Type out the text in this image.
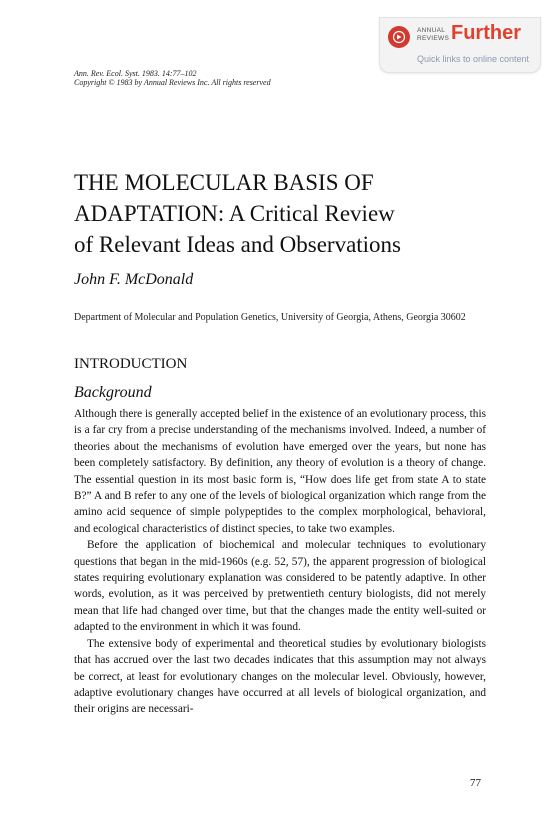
ANNUAL
REVIEWS Further
Quick links to online content
Ann. Rev. Ecol. Syst. 1983. 14:77–102
Copyright © 1983 by Annual Reviews Inc. All rights reserved
THE MOLECULAR BASIS OF
ADAPTATION: A Critical Review
of Relevant Ideas and Observations
John F. McDonald
Department of Molecular and Population Genetics, University of Georgia, Athens, Georgia 30602
INTRODUCTION
Background

Although there is generally accepted belief in the existence of an evolutionary process, this is a far cry from a precise understanding of the mechanisms involved. Indeed, a number of theories about the mechanisms of evolution have emerged over the years, but none has been completely satisfactory. By definition, any theory of evolution is a theory of change. The essential question in its most basic form is, “How does life get from state A to state B?” A and B refer to any one of the levels of biological organization which range from the amino acid sequence of simple polypeptides to the complex morphological, behavioral, and ecological characteristics of distinct species, to take two examples.

Before the application of biochemical and molecular techniques to evolutionary questions that began in the mid-1960s (e.g. 52, 57), the apparent progression of biological states requiring evolutionary explanation was considered to be patently adaptive. In other words, evolution, as it was perceived by pretwentieth century biologists, did not merely mean that life had changed over time, but that the changes made the entity well-suited or adapted to the environment in which it was found.

The extensive body of experimental and theoretical studies by evolutionary biologists that has accrued over the last two decades indicates that this assumption may not always be correct, at least for evolutionary changes on the molecular level. Obviously, however, adaptive evolutionary changes have occurred at all levels of biological organization, and their origins are necessari-

77
